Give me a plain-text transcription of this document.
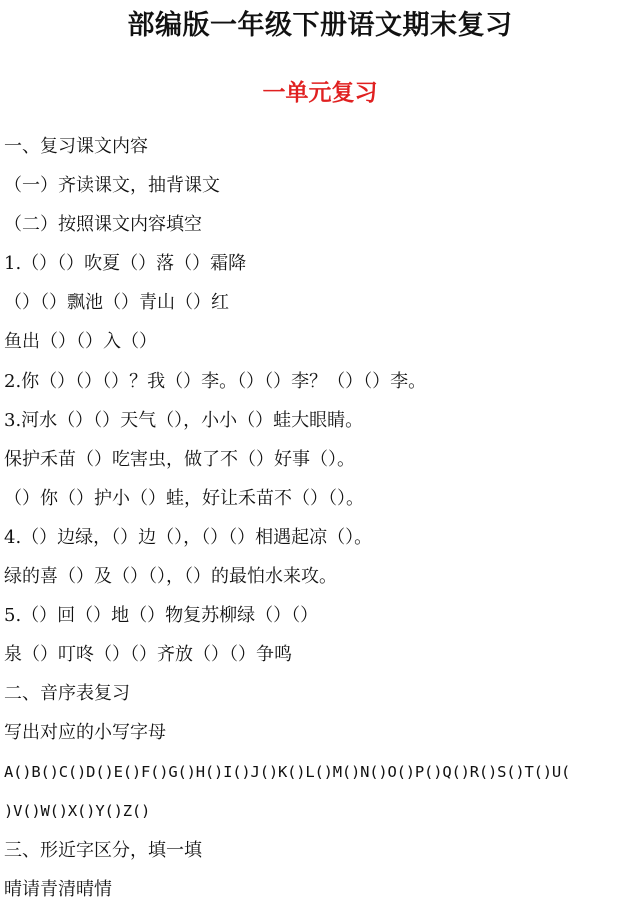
部编版一年级下册语文期末复习
一单元复习
一、复习课文内容
（一）齐读课文，抽背课文
（二）按照课文内容填空
1.（）（）吹夏（）落（）霜降
（）（）飘池（）青山（）红
鱼出（）（）入（）
2.你（）（）（）？我（）李。（）（）李？（）（）李。
3.河水（）（）天气（），小小（）蛙大眼睛。
保护禾苗（）吃害虫，做了不（）好事（）。
（）你（）护小（）蛙，好让禾苗不（）（）。
4.（）边绿，（）边（），（）（）相遇起凉（）。
绿的喜（）及（）（），（）的最怕水来攻。
5.（）回（）地（）物复苏柳绿（）（）
泉（）叮咚（）（）齐放（）（）争鸣
二、音序表复习
写出对应的小写字母
A()B()C()D()E()F()G()H()I()J()K()L()M()N()O()P()Q()R()S()T()U(
)V()W()X()Y()Z()
三、形近字区分，填一填
晴请青清晴情
